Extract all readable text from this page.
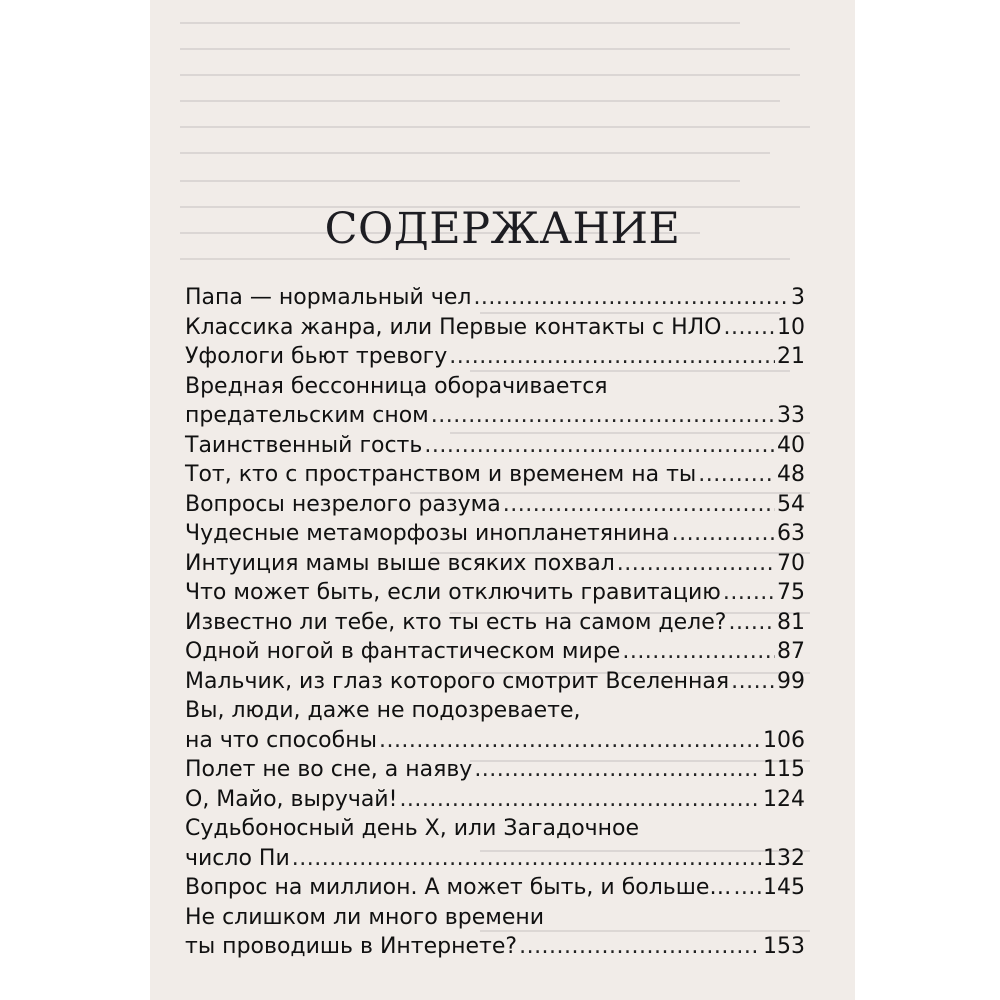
СОДЕРЖАНИЕ
Папа — нормальный чел .....	3
Классика жанра, или Первые контакты с НЛО .....	10
Уфологи бьют тревогу .....	21
Вредная бессонница оборачивается
предательским сном .....	33
Таинственный гость .....	40
Тот, кто с пространством и временем на ты .....	48
Вопросы незрелого разума .....	54
Чудесные метаморфозы инопланетянина .....	63
Интуиция мамы выше всяких похвал .....	70
Что может быть, если отключить гравитацию .....	75
Известно ли тебе, кто ты есть на самом деле? ..... 81
Одной ногой в фантастическом мире .....	87
Мальчик, из глаз которого смотрит Вселенная ..... 99
Вы, люди, даже не подозреваете,
на что способны .....	106
Полет не во сне, а наяву .....	115
О, Майо, выручай! .....	124
Судьбоносный день Х, или Загадочное
число Пи .....	132
Вопрос на миллион. А может быть, и больше… ..... 145
Не слишком ли много времени
ты проводишь в Интернете? .....	153
